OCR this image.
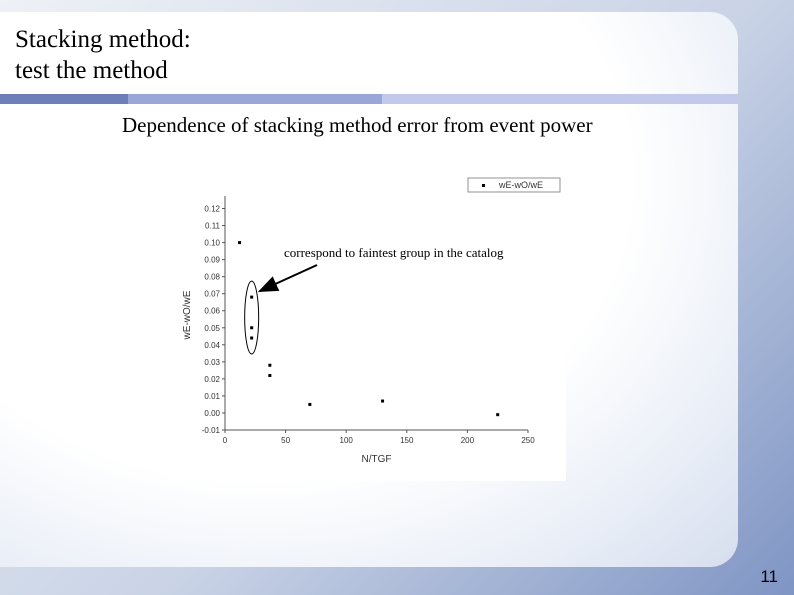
Stacking method:
test the method
Dependence of stacking method error from event power
-0.01
0.00
0.01
0.02
0.03
0.04
0.05
0.06
0.07
0.08
0.09
0.10
0.11
0.12
0	50	100	150	200	250
N/TGF
wE-wO/wE
wE-wO/wE
correspond to faintest group in the catalog
11
